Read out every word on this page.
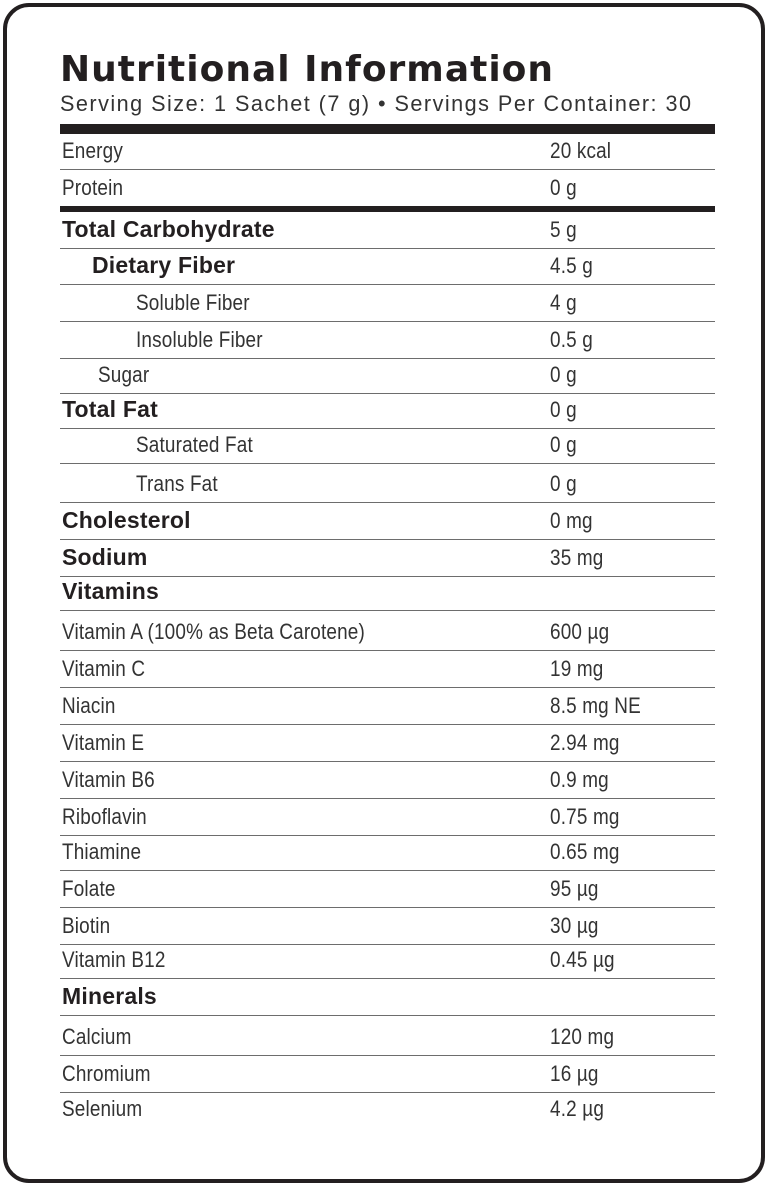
Nutritional Information
Serving Size: 1 Sachet (7 g) • Servings Per Container: 30
Energy	20 kcal
Protein	0 g
Total Carbohydrate	5 g
Dietary Fiber	4.5 g
Soluble Fiber	4 g
Insoluble Fiber	0.5 g
Sugar	0 g
Total Fat	0 g
Saturated Fat	0 g
Trans Fat	0 g
Cholesterol	0 mg
Sodium	35 mg
Vitamins
Vitamin A (100% as Beta Carotene)	600 µg
Vitamin C	19 mg
Niacin	8.5 mg NE
Vitamin E	2.94 mg
Vitamin B6	0.9 mg
Riboflavin	0.75 mg
Thiamine	0.65 mg
Folate	95 µg
Biotin	30 µg
Vitamin B12	0.45 µg
Minerals
Calcium	120 mg
Chromium	16 µg
Selenium	4.2 µg
